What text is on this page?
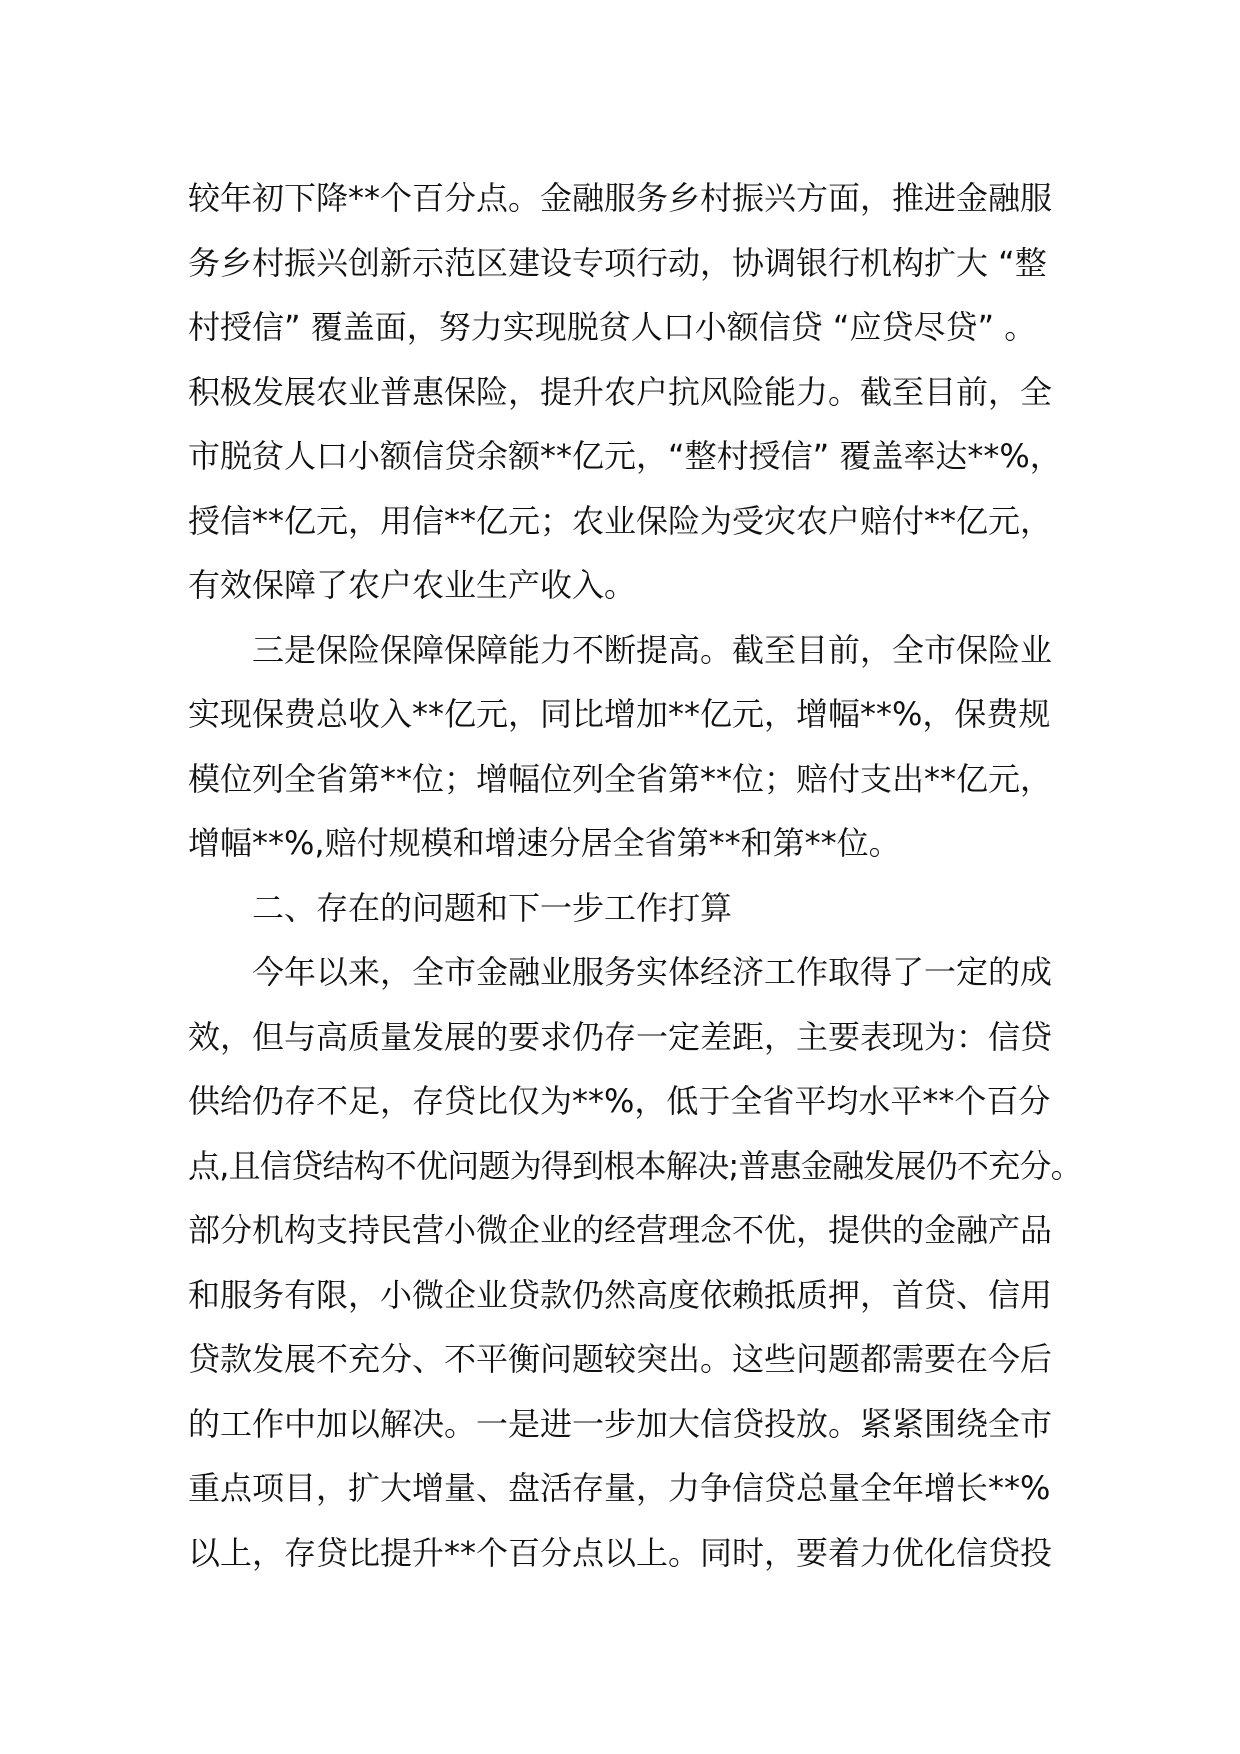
较年初下降**个百分点。金融服务乡村振兴方面，推进金融服
务乡村振兴创新示范区建设专项行动，协调银行机构扩大 “整
村授信” 覆盖面，努力实现脱贫人口小额信贷 “应贷尽贷” 。
积极发展农业普惠保险，提升农户抗风险能力。截至目前，全
市脱贫人口小额信贷余额**亿元，“整村授信” 覆盖率达**%，
授信**亿元，用信**亿元；农业保险为受灾农户赔付**亿元，
有效保障了农户农业生产收入。
三是保险保障保障能力不断提高。截至目前，全市保险业
实现保费总收入**亿元，同比增加**亿元，增幅**%，保费规
模位列全省第**位；增幅位列全省第**位；赔付支出**亿元，
增幅**%,赔付规模和增速分居全省第**和第**位。
二、存在的问题和下一步工作打算
今年以来，全市金融业服务实体经济工作取得了一定的成
效，但与高质量发展的要求仍存一定差距，主要表现为：信贷
供给仍存不足，存贷比仅为**%，低于全省平均水平**个百分
点,且信贷结构不优问题为得到根本解决;普惠金融发展仍不充分。
部分机构支持民营小微企业的经营理念不优，提供的金融产品
和服务有限，小微企业贷款仍然高度依赖抵质押，首贷、信用
贷款发展不充分、不平衡问题较突出。这些问题都需要在今后
的工作中加以解决。一是进一步加大信贷投放。紧紧围绕全市
重点项目，扩大增量、盘活存量，力争信贷总量全年增长**%
以上，存贷比提升**个百分点以上。同时，要着力优化信贷投
